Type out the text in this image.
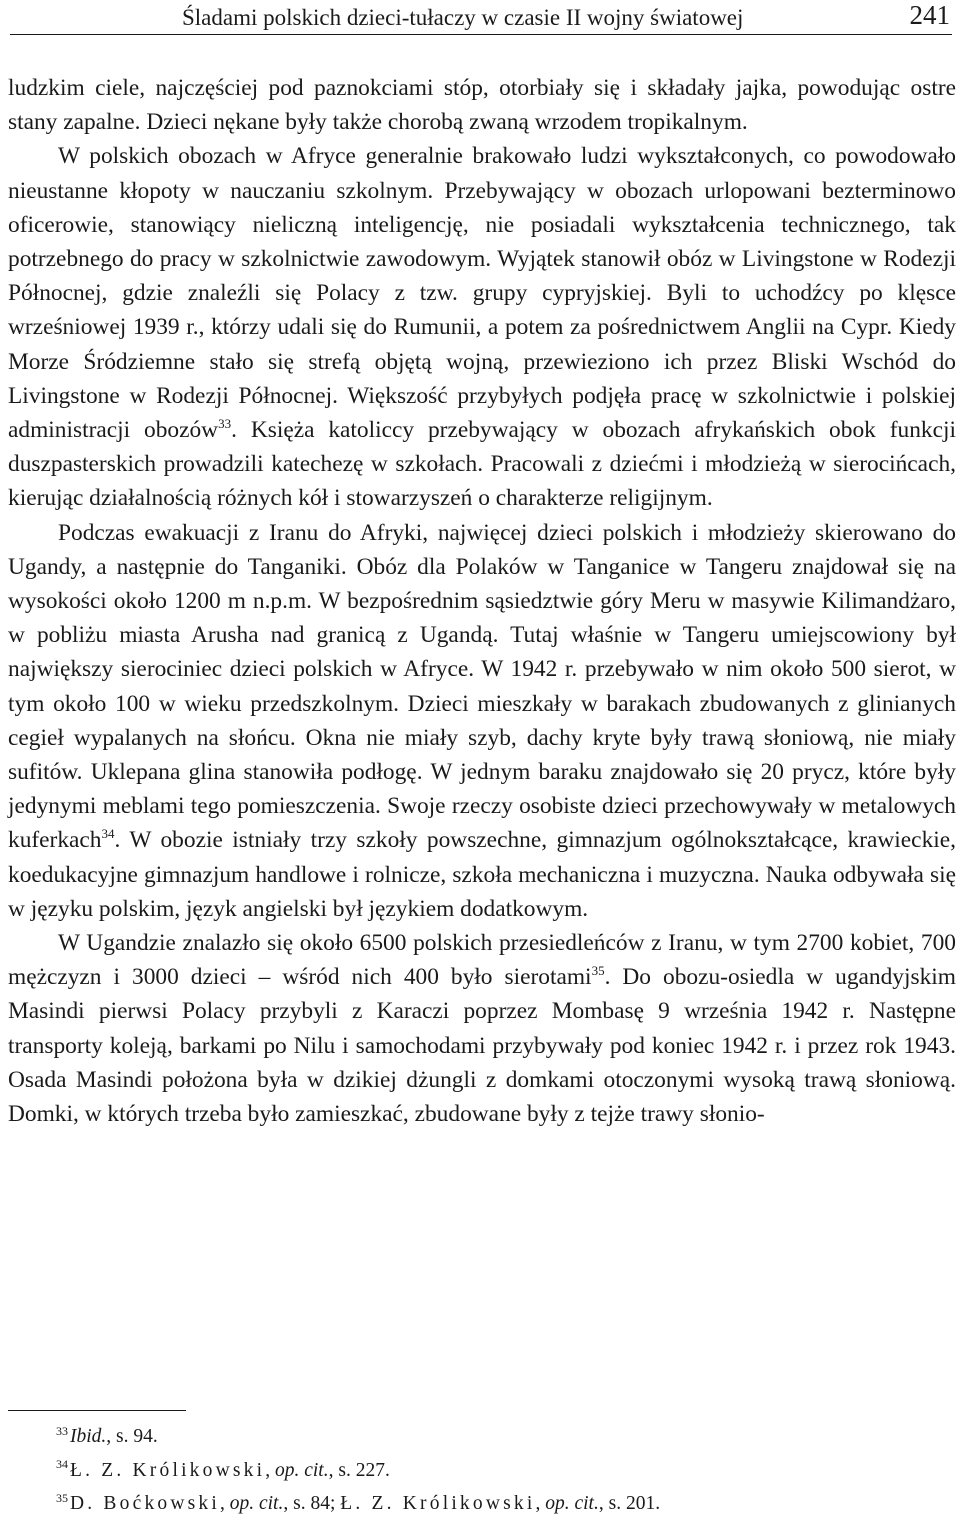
Śladami polskich dzieci-tułaczy w czasie II wojny światowej	241

ludzkim ciele, najczęściej pod paznokciami stóp, otorbiały się i składały jajka, powodując ostre stany zapalne. Dzieci nękane były także chorobą zwaną wrzodem tropikalnym.

W polskich obozach w Afryce generalnie brakowało ludzi wykształconych, co powodowało nieustanne kłopoty w nauczaniu szkolnym. Przebywający w obozach urlopowani bezterminowo oficerowie, stanowiący nieliczną inteligencję, nie posiadali wykształcenia technicznego, tak potrzebnego do pracy w szkolnictwie zawodowym. Wyjątek stanowił obóz w Livingstone w Rodezji Północnej, gdzie znaleźli się Polacy z tzw. grupy cypryjskiej. Byli to uchodźcy po klęsce wrześniowej 1939 r., którzy udali się do Rumunii, a potem za pośrednictwem Anglii na Cypr. Kiedy Morze Śródziemne stało się strefą objętą wojną, przewieziono ich przez Bliski Wschód do Livingstone w Rodezji Północnej. Większość przybyłych podjęła pracę w szkolnictwie i polskiej administracji obozów$^{33}$. Księża katoliccy przebywający w obozach afrykańskich obok funkcji duszpasterskich prowadzili katechezę w szkołach. Pracowali z dziećmi i młodzieżą w sierocińcach, kierując działalnością różnych kół i stowarzyszeń o charakterze religijnym.

Podczas ewakuacji z Iranu do Afryki, najwięcej dzieci polskich i młodzieży skierowano do Ugandy, a następnie do Tanganiki. Obóz dla Polaków w Tanganice w Tangeru znajdował się na wysokości około 1200 m n.p.m. W bezpośrednim sąsiedztwie góry Meru w masywie Kilimandżaro, w pobliżu miasta Arusha nad granicą z Ugandą. Tutaj właśnie w Tangeru umiejscowiony był największy sierociniec dzieci polskich w Afryce. W 1942 r. przebywało w nim około 500 sierot, w tym około 100 w wieku przedszkolnym. Dzieci mieszkały w barakach zbudowanych z glinianych cegieł wypalanych na słońcu. Okna nie miały szyb, dachy kryte były trawą słoniową, nie miały sufitów. Uklepana glina stanowiła podłogę. W jednym baraku znajdowało się 20 prycz, które były jedynymi meblami tego pomieszczenia. Swoje rzeczy osobiste dzieci przechowywały w metalowych kuferkach$^{34}$. W obozie istniały trzy szkoły powszechne, gimnazjum ogólnokształcące, krawieckie, koedukacyjne gimnazjum handlowe i rolnicze, szkoła mechaniczna i muzyczna. Nauka odbywała się w języku polskim, język angielski był językiem dodatkowym.

W Ugandzie znalazło się około 6500 polskich przesiedleńców z Iranu, w tym 2700 kobiet, 700 mężczyzn i 3000 dzieci – wśród nich 400 było sierotami$^{35}$. Do obozu-osiedla w ugandyjskim Masindi pierwsi Polacy przybyli z Karaczi poprzez Mombasę 9 września 1942 r. Następne transporty koleją, barkami po Nilu i samochodami przybywały pod koniec 1942 r. i przez rok 1943. Osada Masindi położona była w dzikiej dżungli z domkami otoczonymi wysoką trawą słoniową. Domki, w których trzeba było zamieszkać, zbudowane były z tejże trawy słonio-

$^{33}$ Ibid., s. 94.
$^{34}$ Ł. Z. Królikowski, op. cit., s. 227.
$^{35}$ D. Boćkowski, op. cit., s. 84; Ł. Z. Królikowski, op. cit., s. 201.
